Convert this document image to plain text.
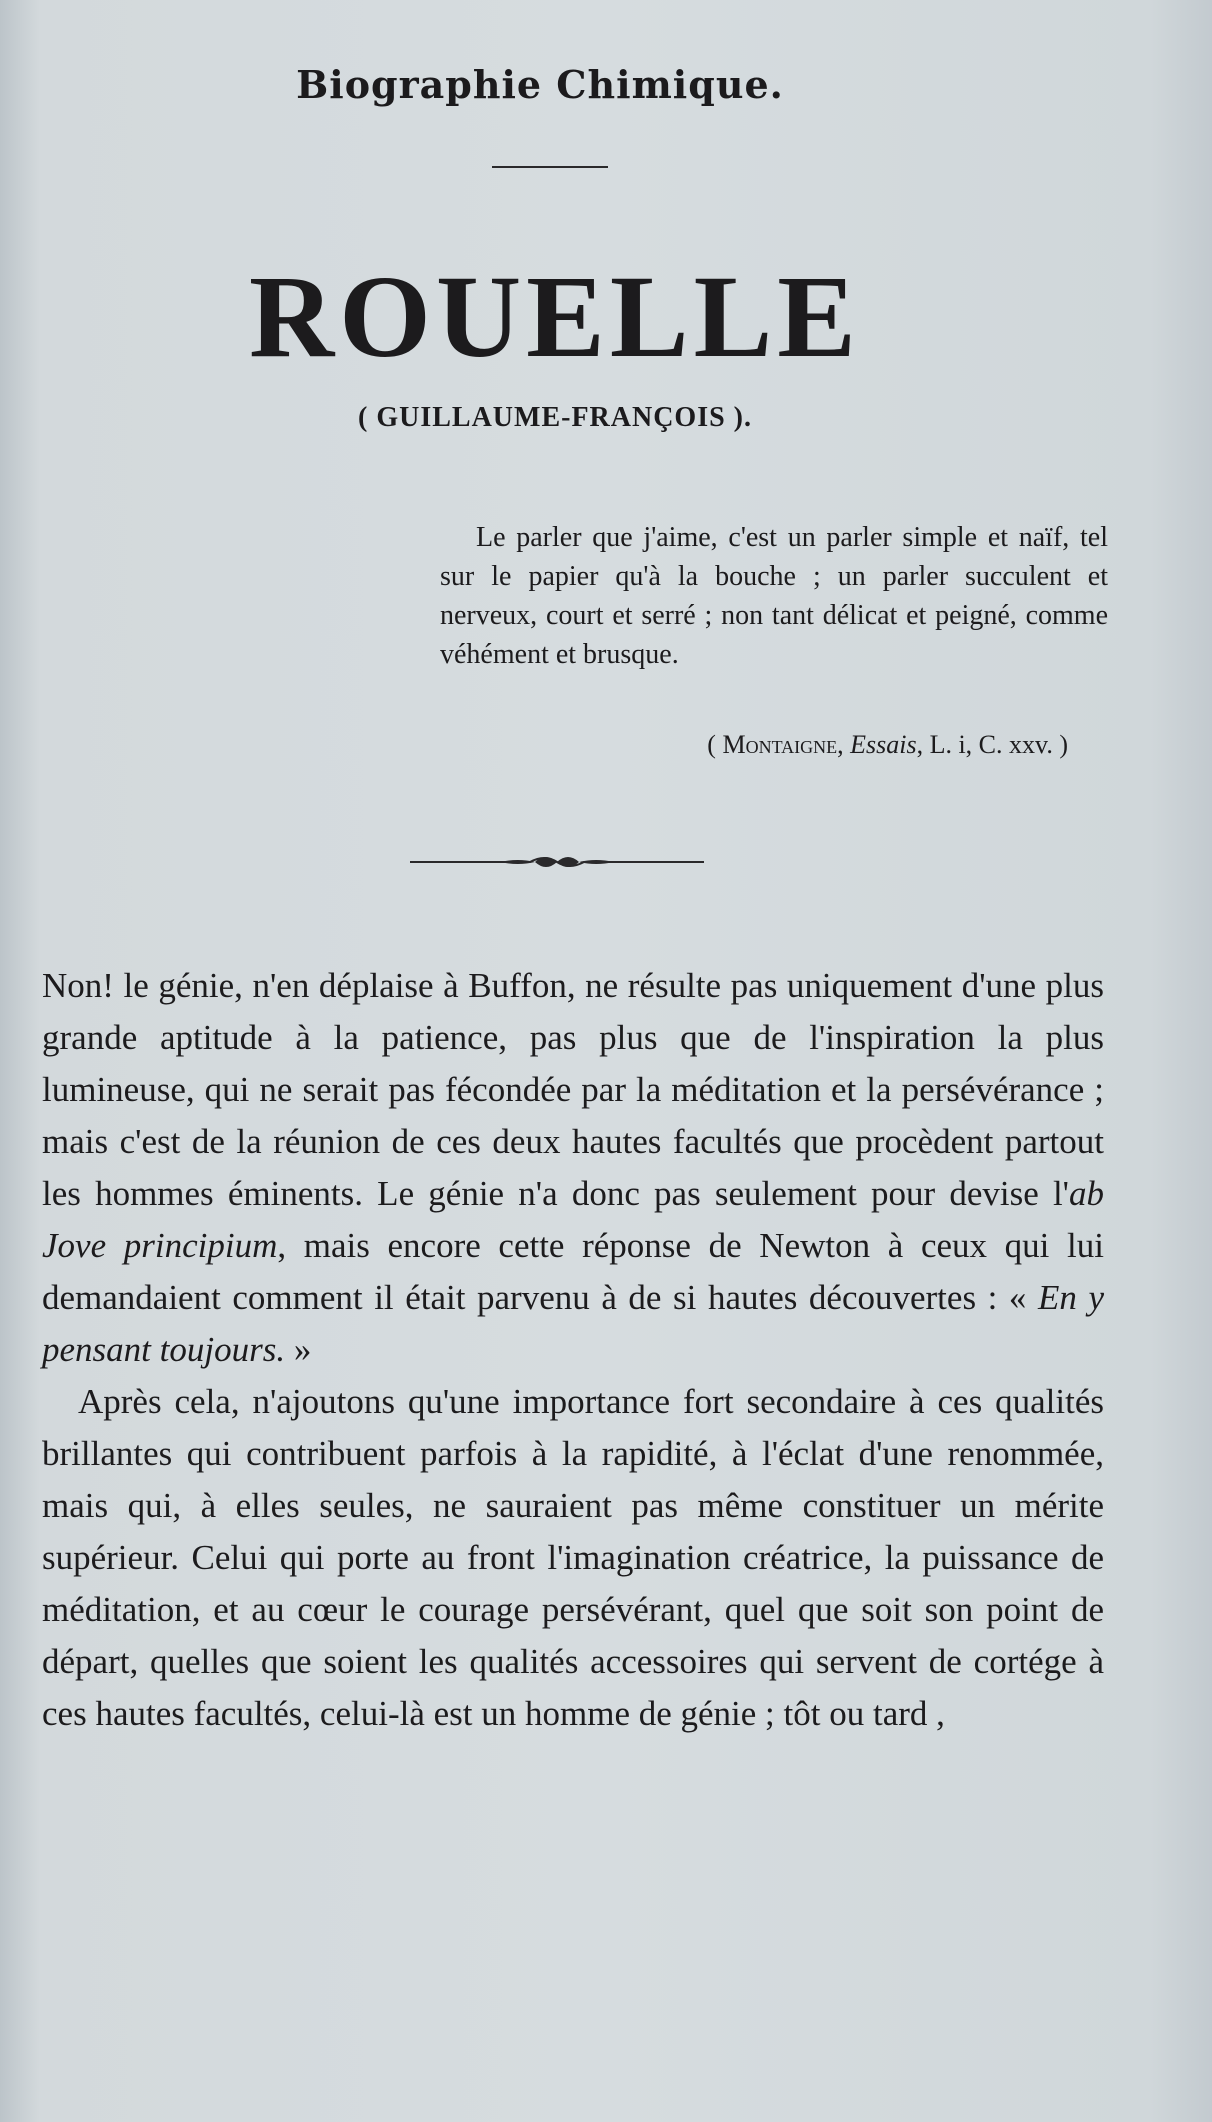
Biographie Chimique.
ROUELLE
( GUILLAUME-FRANÇOIS ).

Le parler que j'aime, c'est un parler simple et naïf, tel sur le papier qu'à la bouche ; un parler succulent et nerveux, court et serré ; non tant délicat et peigné, comme véhément et brusque.

( Montaigne, Essais, L. i, C. xxv. )

Non! le génie, n'en déplaise à Buffon, ne résulte pas uniquement d'une plus grande aptitude à la patience, pas plus que de l'inspiration la plus lumineuse, qui ne serait pas fécondée par la méditation et la persévérance ; mais c'est de la réunion de ces deux hautes facultés que procèdent partout les hommes éminents. Le génie n'a donc pas seulement pour devise l'ab Jove principium, mais encore cette réponse de Newton à ceux qui lui demandaient comment il était parvenu à de si hautes découvertes : « En y pensant toujours. »

Après cela, n'ajoutons qu'une importance fort secondaire à ces qualités brillantes qui contribuent parfois à la rapidité, à l'éclat d'une renommée, mais qui, à elles seules, ne sauraient pas même constituer un mérite supérieur. Celui qui porte au front l'imagination créatrice, la puissance de méditation, et au cœur le courage persévérant, quel que soit son point de départ, quelles que soient les qualités accessoires qui servent de cortége à ces hautes facultés, celui-là est un homme de génie ; tôt ou tard ,
